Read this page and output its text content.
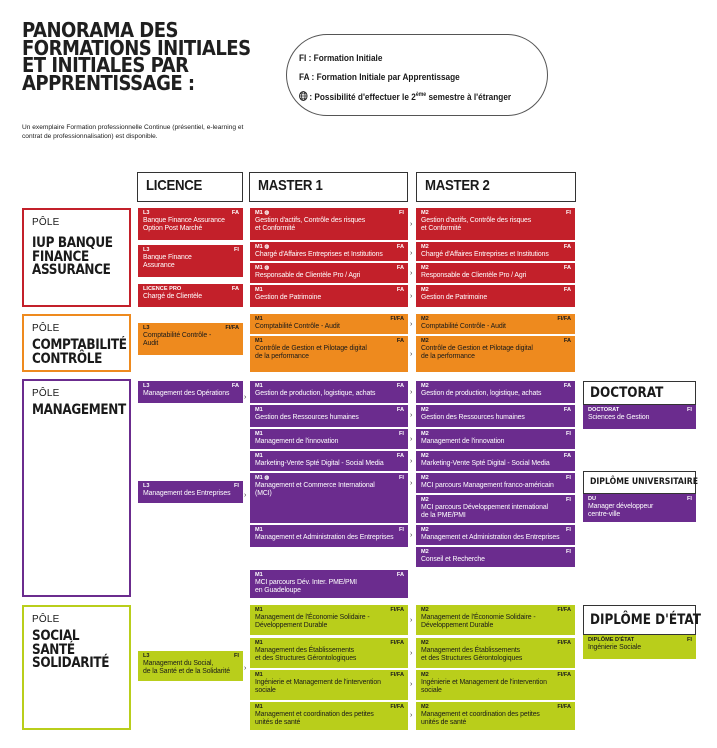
PANORAMA DES
FORMATIONS INITIALES
ET INITIALES PAR
APPRENTISSAGE :
Un exemplaire Formation professionnelle Continue (présentiel, e-learning et contrat de professionnalisation) est disponible.
FI : Formation Initiale
FA : Formation Initiale par Apprentissage
: Possibilité d'effectuer le 2ème semestre à l'étranger
LICENCE	MASTER 1	MASTER 2
PÔLE
IUP BANQUE
FINANCE
ASSURANCE
L3	FA
Banque Finance Assurance
Option Post Marché
L3	FI
Banque Finance
Assurance
LICENCE PRO	FA
Chargé de Clientèle
M1 ◍	FI
Gestion d'actifs, Contrôle des risques
et Conformité
M1 ◍	FA
Chargé d'Affaires Entreprises et Institutions
M1 ◍	FA
Responsable de Clientèle Pro / Agri
M1	FA
Gestion de Patrimoine
M2	FI
Gestion d'actifs, Contrôle des risques
et Conformité
M2	FA
Chargé d'Affaires Entreprises et Institutions
M2	FA
Responsable de Clientèle Pro / Agri
M2	FA
Gestion de Patrimoine
PÔLE
COMPTABILITÉ
CONTRÔLE
L3	FI/FA
Comptabilité Contrôle -
Audit
M1	FI/FA
Comptabilité Contrôle - Audit
M1	FA
Contrôle de Gestion et Pilotage digital
de la performance
M2	FI/FA
Comptabilité Contrôle - Audit
M2	FA
Contrôle de Gestion et Pilotage digital
de la performance
PÔLE
MANAGEMENT
L3	FA
Management des Opérations
L3	FI
Management des Entreprises
M1	FA
Gestion de production, logistique, achats
M1	FA
Gestion des Ressources humaines
M1	FI
Management de l'innovation
M1	FA
Marketing-Vente Spté Digital - Social Media
M1 ◍	FI
Management et Commerce International
(MCI)
M1	FI
Management et Administration des Entreprises
M1	FA
MCI parcours Dév. Inter. PME/PMI
en Guadeloupe
M2	FA
Gestion de production, logistique, achats
M2	FA
Gestion des Ressources humaines
M2	FI
Management de l'innovation
M2	FA
Marketing-Vente Spté Digital - Social Media
M2	FI
MCI parcours Management franco-américain
M2	FI
MCI parcours Développement international
de la PME/PMI
M2	FI
Management et Administration des Entreprises
M2	FI
Conseil et Recherche
PÔLE
SOCIAL
SANTÉ
SOLIDARITÉ	L3	FI
Management du Social,
de la Santé et de la Solidarité
M1	FI/FA
Management de l'Économie Solidaire -
Développement Durable
M1	FI/FA
Management des Établissements
et des Structures Gérontologiques
M1	FI/FA
Ingénierie et Management de l'intervention
sociale
M1	FI/FA
Management et coordination des petites
unités de santé
M2	FI/FA
Management de l'Économie Solidaire -
Développement Durable
M2	FI/FA
Management des Établissements
et des Structures Gérontologiques
M2	FI/FA
Ingénierie et Management de l'intervention
sociale
M2	FI/FA
Management et coordination des petites
unités de santé
›
›
›
›
›
›
›
›
›
›
›
›
›
›
›
›
›
›
›
DOCTORAT
DOCTORAT	FI
Sciences de Gestion
DIPLÔME UNIVERSITAIRE
DU	FI
Manager développeur
centre-ville
DIPLÔME D'ÉTAT
DIPLÔME D'ÉTAT	FI
Ingénierie Sociale
